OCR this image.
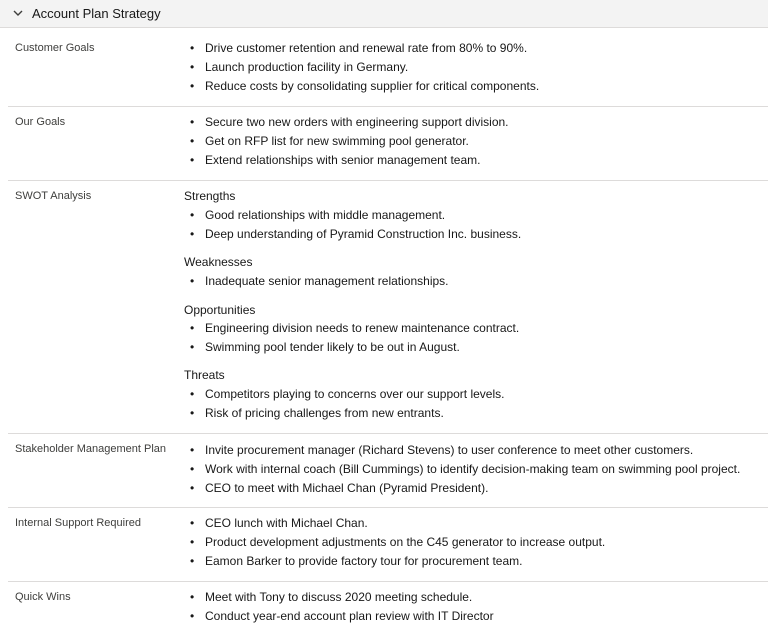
Account Plan Strategy
Customer Goals	• Drive customer retention and renewal rate from 80% to 90%.
• Launch production facility in Germany.
• Reduce costs by consolidating supplier for critical components.
Our Goals	• Secure two new orders with engineering support division.
• Get on RFP list for new swimming pool generator.
• Extend relationships with senior management team.
SWOT Analysis	Strengths
• Good relationships with middle management.
• Deep understanding of Pyramid Construction Inc. business.
Weaknesses
• Inadequate senior management relationships.
Opportunities
• Engineering division needs to renew maintenance contract.
• Swimming pool tender likely to be out in August.
Threats
• Competitors playing to concerns over our support levels.
• Risk of pricing challenges from new entrants.
Stakeholder Management Plan • Invite procurement manager (Richard Stevens) to user conference to meet other customers.
• Work with internal coach (Bill Cummings) to identify decision-making team on swimming pool project.
• CEO to meet with Michael Chan (Pyramid President).
Internal Support Required	• CEO lunch with Michael Chan.
• Product development adjustments on the C45 generator to increase output.
• Eamon Barker to provide factory tour for procurement team.
Quick Wins	• Meet with Tony to discuss 2020 meeting schedule.
• Conduct year-end account plan review with IT Director
